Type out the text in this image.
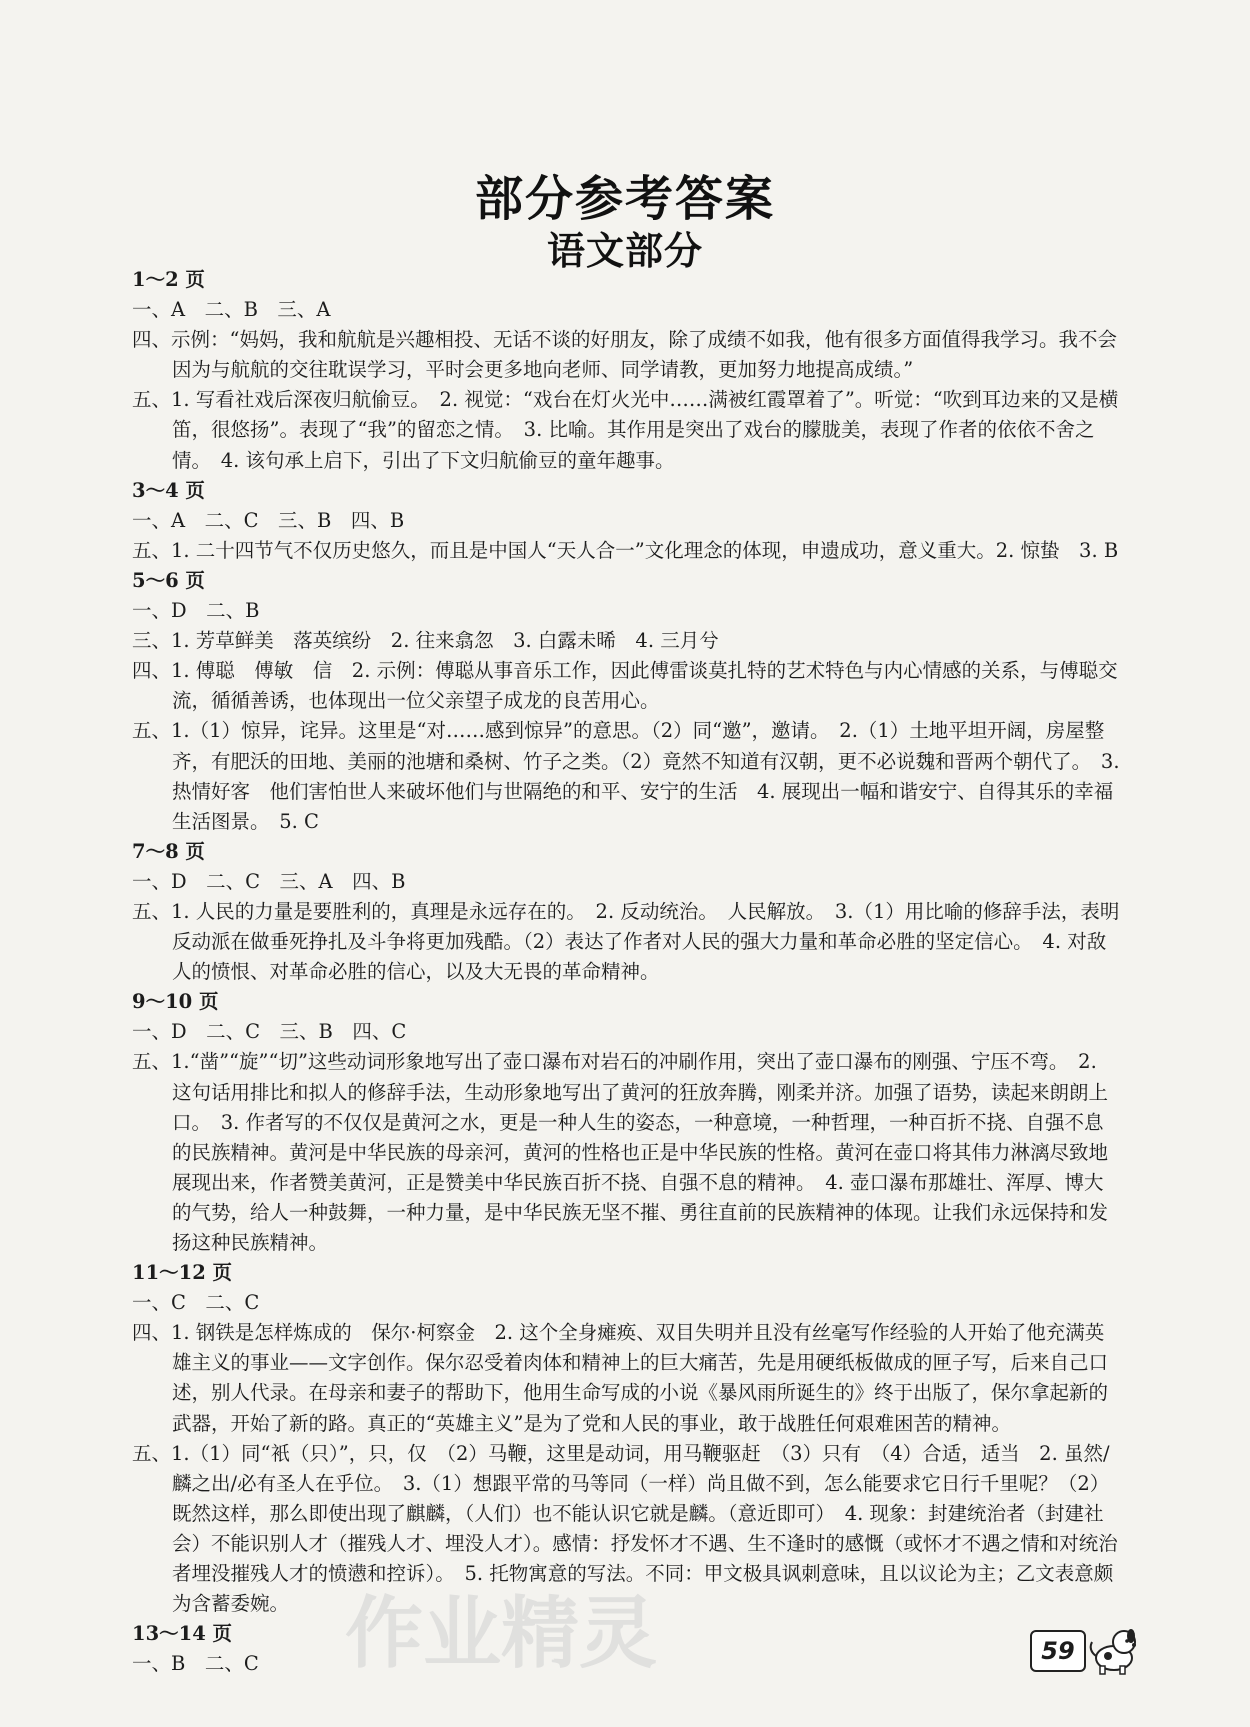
部分参考答案
语文部分
1～2 页
一、A　二、B　三、A
四、示例：“妈妈，我和航航是兴趣相投、无话不谈的好朋友，除了成绩不如我，他有很多方面值得我学习。我不会因为与航航的交往耽误学习，平时会更多地向老师、同学请教，更加努力地提高成绩。”
五、1. 写看社戏后深夜归航偷豆。　2. 视觉：“戏台在灯火光中……满被红霞罩着了”。听觉：“吹到耳边来的又是横笛，很悠扬”。表现了“我”的留恋之情。　3. 比喻。其作用是突出了戏台的朦胧美，表现了作者的依依不舍之情。　4. 该句承上启下，引出了下文归航偷豆的童年趣事。
3～4 页
一、A　二、C　三、B　四、B
五、1. 二十四节气不仅历史悠久，而且是中国人“天人合一”文化理念的体现，申遗成功，意义重大。2. 惊蛰　3. B
5～6 页
一、D　二、B
三、1. 芳草鲜美　落英缤纷　2. 往来翕忽　3. 白露未晞　4. 三月兮
四、1. 傅聪　傅敏　信　2. 示例：傅聪从事音乐工作，因此傅雷谈莫扎特的艺术特色与内心情感的关系，与傅聪交流，循循善诱，也体现出一位父亲望子成龙的良苦用心。
五、1.（1）惊异，诧异。这里是“对……感到惊异”的意思。（2）同“邀”，邀请。　2.（1）土地平坦开阔，房屋整齐，有肥沃的田地、美丽的池塘和桑树、竹子之类。（2）竟然不知道有汉朝，更不必说魏和晋两个朝代了。　3. 热情好客　他们害怕世人来破坏他们与世隔绝的和平、安宁的生活　4. 展现出一幅和谐安宁、自得其乐的幸福生活图景。　5. C
7～8 页
一、D　二、C　三、A　四、B
五、1. 人民的力量是要胜利的，真理是永远存在的。　2. 反动统治。　人民解放。　3.（1）用比喻的修辞手法，表明反动派在做垂死挣扎及斗争将更加残酷。（2）表达了作者对人民的强大力量和革命必胜的坚定信心。　4. 对敌人的愤恨、对革命必胜的信心，以及大无畏的革命精神。
9～10 页
一、D　二、C　三、B　四、C
五、1.“凿”“旋”“切”这些动词形象地写出了壶口瀑布对岩石的冲刷作用，突出了壶口瀑布的刚强、宁压不弯。　2. 这句话用排比和拟人的修辞手法，生动形象地写出了黄河的狂放奔腾，刚柔并济。加强了语势，读起来朗朗上口。　3. 作者写的不仅仅是黄河之水，更是一种人生的姿态，一种意境，一种哲理，一种百折不挠、自强不息的民族精神。黄河是中华民族的母亲河，黄河的性格也正是中华民族的性格。黄河在壶口将其伟力淋漓尽致地展现出来，作者赞美黄河，正是赞美中华民族百折不挠、自强不息的精神。　4. 壶口瀑布那雄壮、浑厚、博大的气势，给人一种鼓舞，一种力量，是中华民族无坚不摧、勇往直前的民族精神的体现。让我们永远保持和发扬这种民族精神。
11～12 页
一、C　二、C
四、1. 钢铁是怎样炼成的　保尔·柯察金　2. 这个全身瘫痪、双目失明并且没有丝毫写作经验的人开始了他充满英雄主义的事业——文字创作。保尔忍受着肉体和精神上的巨大痛苦，先是用硬纸板做成的匣子写，后来自己口述，别人代录。在母亲和妻子的帮助下，他用生命写成的小说《暴风雨所诞生的》终于出版了，保尔拿起新的武器，开始了新的路。真正的“英雄主义”是为了党和人民的事业，敢于战胜任何艰难困苦的精神。
五、1.（1）同“衹（只）”，只，仅　（2）马鞭，这里是动词，用马鞭驱赶　（3）只有　（4）合适，适当　2. 虽然/麟之出/必有圣人在乎位。　3.（1）想跟平常的马等同（一样）尚且做不到，怎么能要求它日行千里呢？（2）既然这样，那么即使出现了麒麟，（人们）也不能认识它就是麟。（意近即可）　4. 现象：封建统治者（封建社会）不能识别人才（摧残人才、埋没人才）。感情：抒发怀才不遇、生不逢时的感慨（或怀才不遇之情和对统治者埋没摧残人才的愤懑和控诉）。　5. 托物寓意的写法。不同：甲文极具讽刺意味，且以议论为主；乙文表意颇为含蓄委婉。
13～14 页
一、B　二、C	作业精灵	59
